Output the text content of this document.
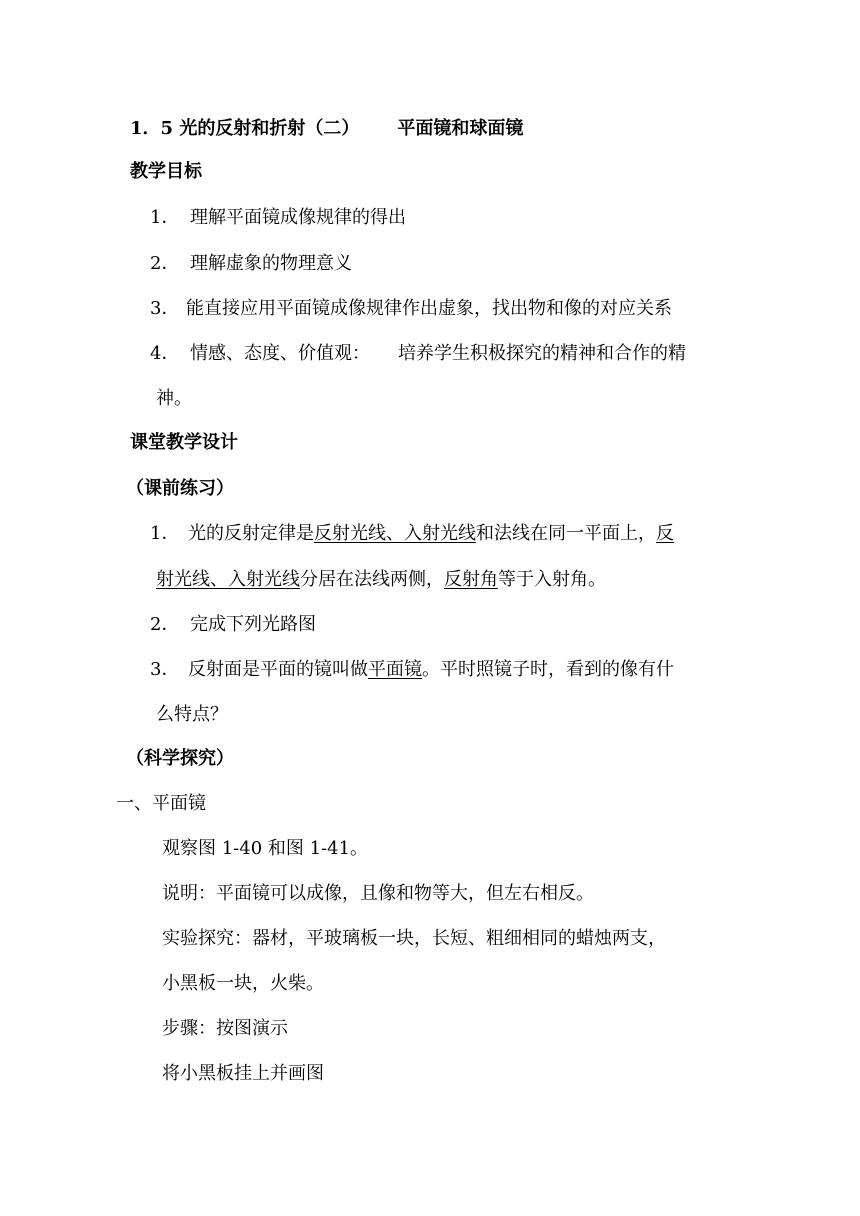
1．5 光的反射和折射（二） 平面镜和球面镜
教学目标
1． 理解平面镜成像规律的得出
2． 理解虚象的物理意义
3． 能直接应用平面镜成像规律作出虚象，找出物和像的对应关系
4． 情感、态度、价值观： 培养学生积极探究的精神和合作的精
神。
课堂教学设计
（课前练习）
1． 光的反射定律是反射光线、入射光线和法线在同一平面上，反
射光线、入射光线分居在法线两侧，反射角等于入射角。
2． 完成下列光路图
3． 反射面是平面的镜叫做平面镜。平时照镜子时，看到的像有什
么特点？
（科学探究）
一、平面镜
观察图 1-40 和图 1-41。
说明：平面镜可以成像，且像和物等大，但左右相反。
实验探究：器材，平玻璃板一块，长短、粗细相同的蜡烛两支，
小黑板一块，火柴。
步骤：按图演示
将小黑板挂上并画图
